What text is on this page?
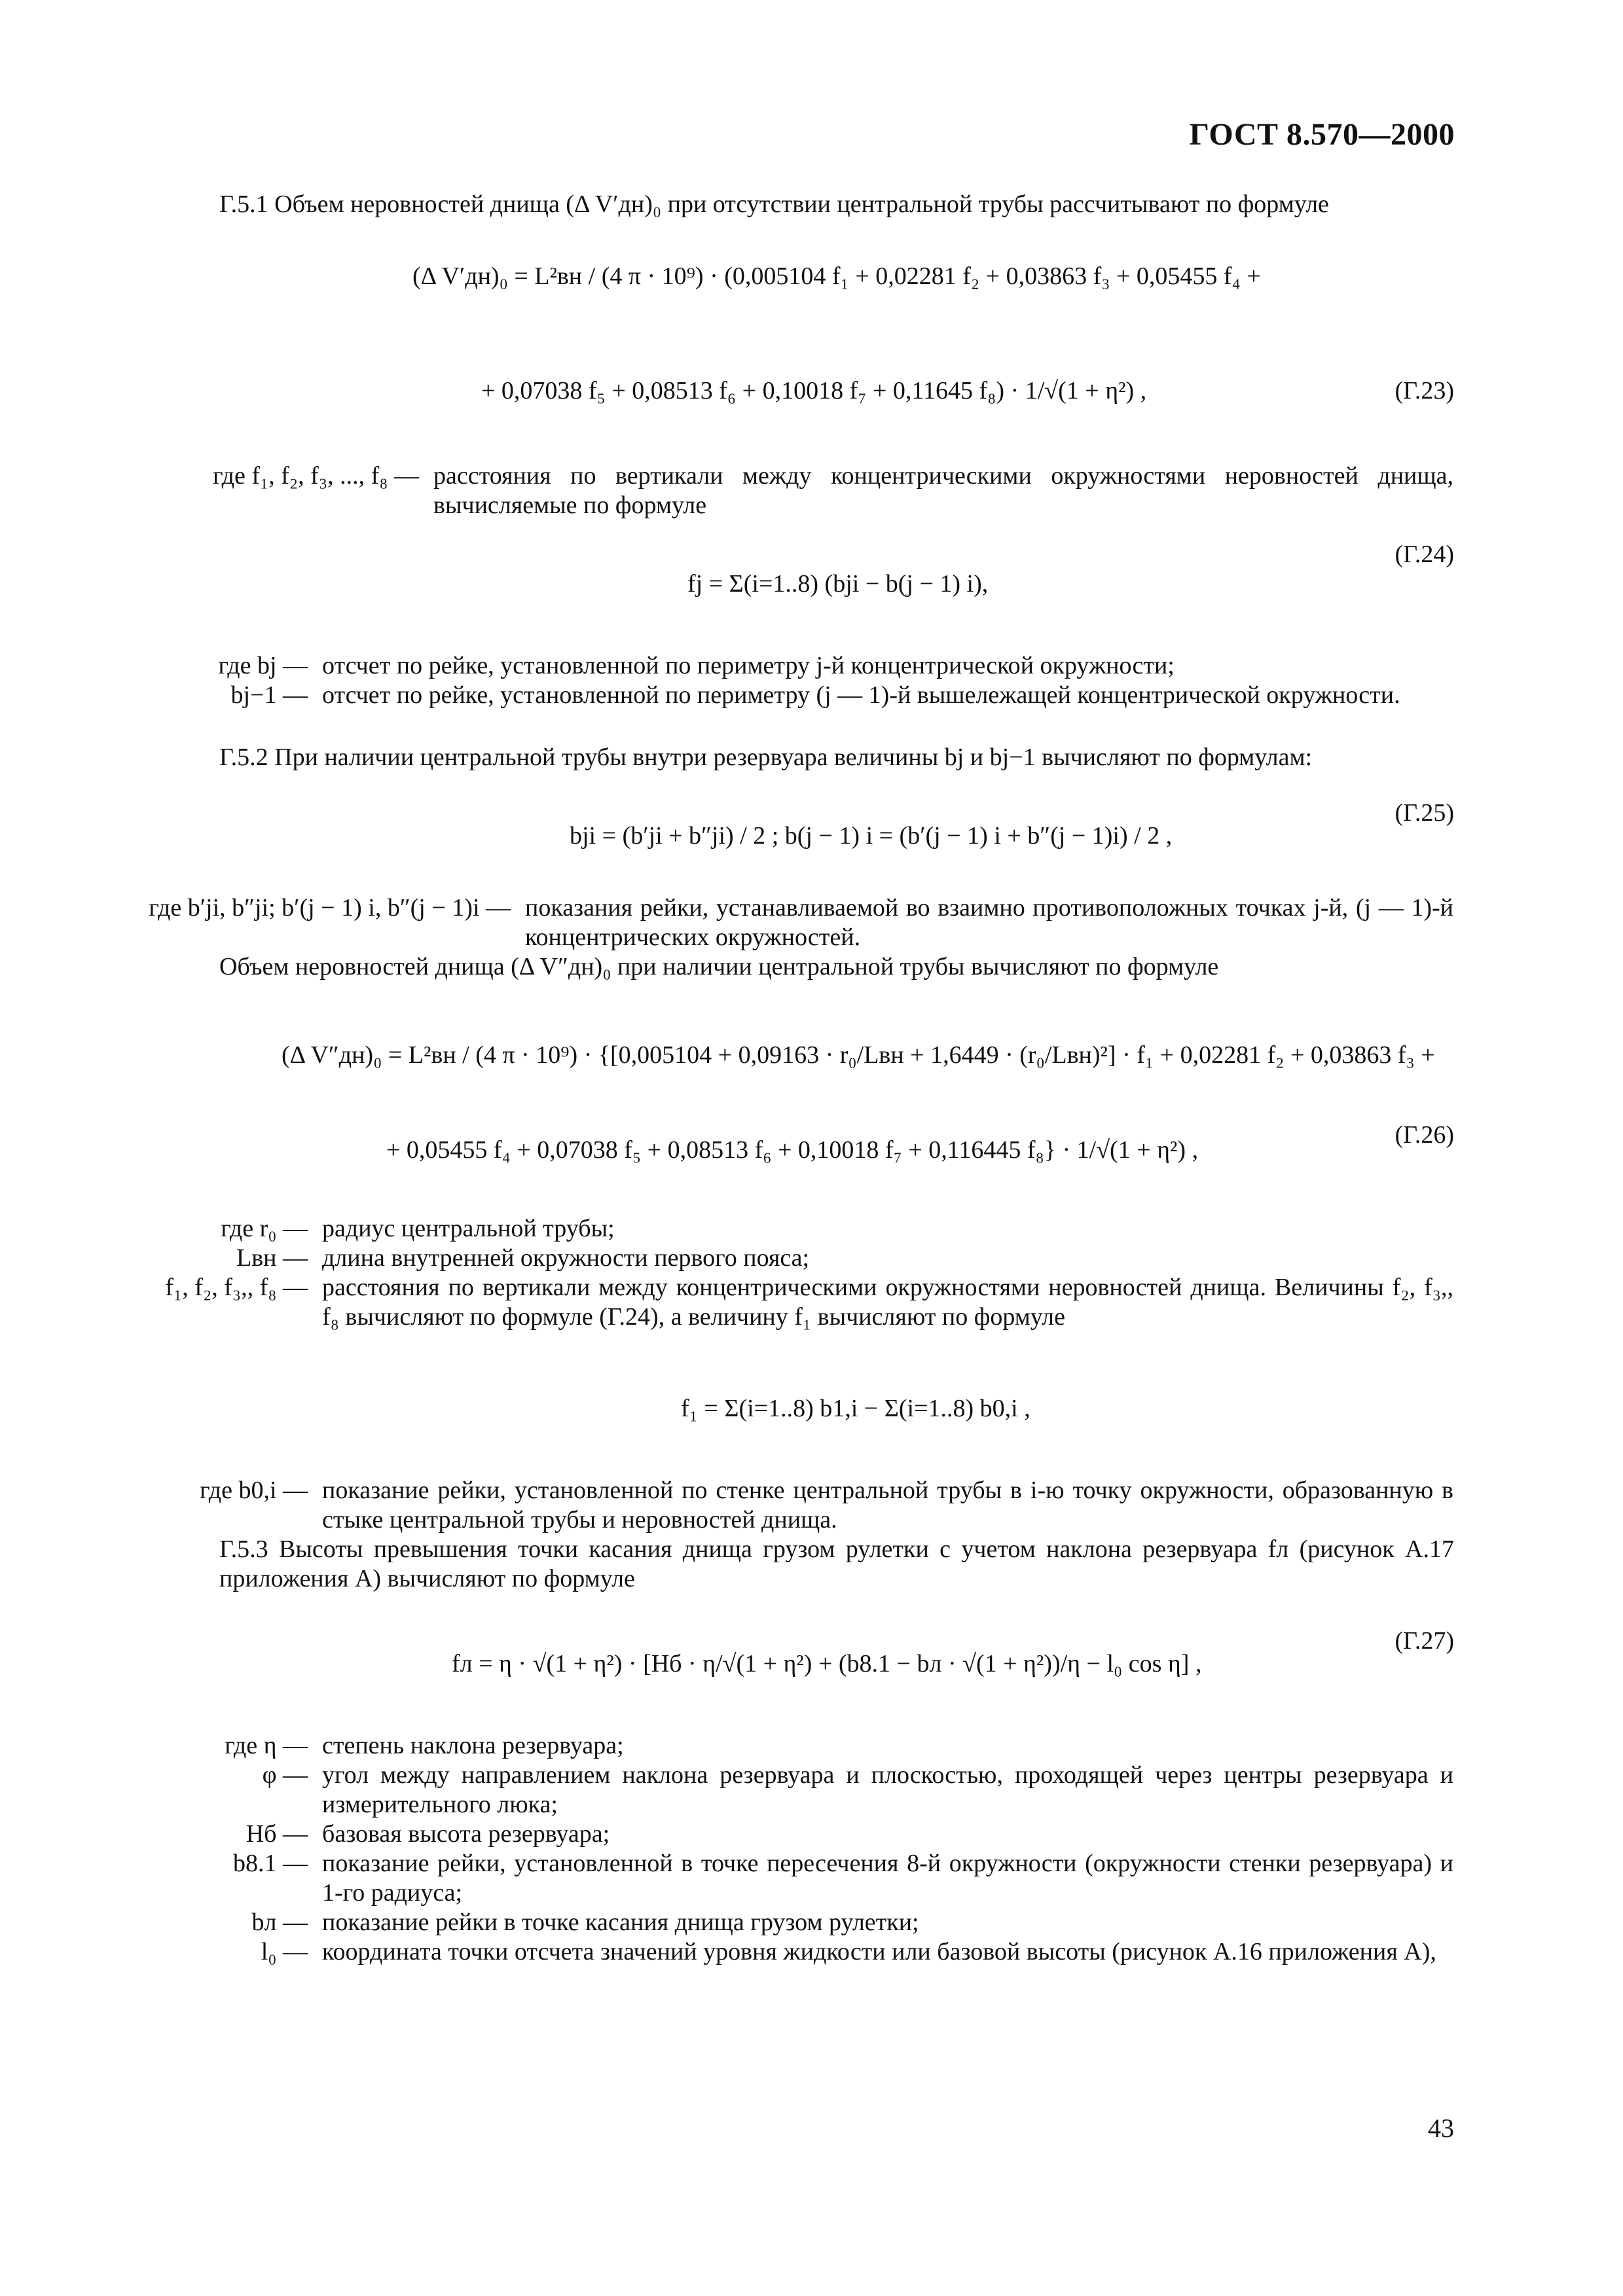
ГОСТ 8.570—2000
Г.5.1 Объем неровностей днища (Δ V′дн)₀ при отсутствии центральной трубы рассчитывают по формуле
(Δ V′дн)₀ = L²вн / (4 π · 10⁹) · (0,005104 f₁ + 0,02281 f₂ + 0,03863 f₃ + 0,05455 f₄ +
+ 0,07038 f₅ + 0,08513 f₆ + 0,10018 f₇ + 0,11645 f₈) · 1/√(1 + η²) ,	(Г.23)
где f₁, f₂, f₃, ..., f₈ — расстояния по вертикали между концентрическими окружностями неровностей днища, вычисляемые по формуле
fj = Σ(i=1..8) (bji − b(j − 1) i),
(Г.24)
где bj — отсчет по рейке, установленной по периметру j-й концентрической окружности;
bj−1 — отсчет по рейке, установленной по периметру (j — 1)-й вышележащей концентрической окружности.
Г.5.2 При наличии центральной трубы внутри резервуара величины bj и bj−1 вычисляют по формулам:
bji = (b′ji + b″ji) / 2 ; b(j − 1) i = (b′(j − 1) i + b″(j − 1)i) / 2 ,
(Г.25)
где b′ji, b″ji; b′(j − 1) i, b″(j − 1)i — показания рейки, устанавливаемой во взаимно противоположных точках j-й, (j — 1)-й концентрических окружностей.
Объем неровностей днища (Δ V″дн)₀ при наличии центральной трубы вычисляют по формуле
(Δ V″дн)₀ = L²вн / (4 π · 10⁹) · {[0,005104 + 0,09163 · r₀/Lвн + 1,6449 · (r₀/Lвн)²] · f₁ + 0,02281 f₂ + 0,03863 f₃ +
+ 0,05455 f₄ + 0,07038 f₅ + 0,08513 f₆ + 0,10018 f₇ + 0,116445 f₈} · 1/√(1 + η²) ,
(Г.26)
где r₀ — радиус центральной трубы;
Lвн — длина внутренней окружности первого пояса;
f₁, f₂, f₃,, f₈ — расстояния по вертикали между концентрическими окружностями неровностей днища. Величины f₂, f₃,, f₈ вычисляют по формуле (Г.24), а величину f₁ вычисляют по формуле
f₁ = Σ(i=1..8) b1,i − Σ(i=1..8) b0,i ,
где b0,i — показание рейки, установленной по стенке центральной трубы в i-ю точку окружности, образованную в стыке центральной трубы и неровностей днища.
Г.5.3 Высоты превышения точки касания днища грузом рулетки с учетом наклона резервуара fл (рисунок А.17 приложения А) вычисляют по формуле
fл = η · √(1 + η²) · [Hб · η/√(1 + η²) + (b8.1 − bл · √(1 + η²))/η − l₀ cos η] ,
(Г.27)
где η — степень наклона резервуара;
φ — угол между направлением наклона резервуара и плоскостью, проходящей через центры резервуара и измерительного люка;
Hб — базовая высота резервуара;
b8.1 — показание рейки, установленной в точке пересечения 8-й окружности (окружности стенки резервуара) и 1-го радиуса;
bл — показание рейки в точке касания днища грузом рулетки;
l₀ — координата точки отсчета значений уровня жидкости или базовой высоты (рисунок А.16 приложения А),
43
